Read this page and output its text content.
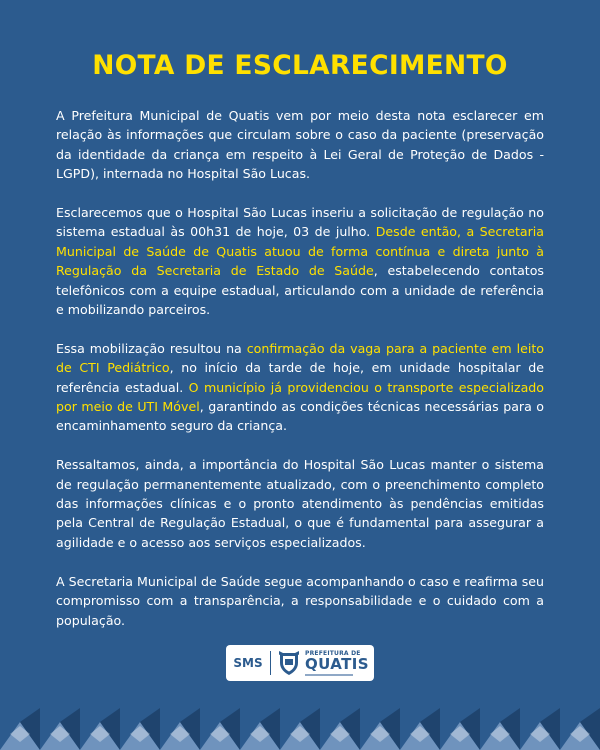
NOTA DE ESCLARECIMENTO

A Prefeitura Municipal de Quatis vem por meio desta nota esclarecer em relação às informações que circulam sobre o caso da paciente (preservação da identidade da criança em respeito à Lei Geral de Proteção de Dados - LGPD), internada no Hospital São Lucas.

Esclarecemos que o Hospital São Lucas inseriu a solicitação de regulação no sistema estadual às 00h31 de hoje, 03 de julho. Desde então, a Secretaria Municipal de Saúde de Quatis atuou de forma contínua e direta junto à Regulação da Secretaria de Estado de Saúde, estabelecendo contatos telefônicos com a equipe estadual, articulando com a unidade de referência e mobilizando parceiros.

Essa mobilização resultou na confirmação da vaga para a paciente em leito de CTI Pediátrico, no início da tarde de hoje, em unidade hospitalar de referência estadual. O município já providenciou o transporte especializado por meio de UTI Móvel, garantindo as condições técnicas necessárias para o encaminhamento seguro da criança.

Ressaltamos, ainda, a importância do Hospital São Lucas manter o sistema de regulação permanentemente atualizado, com o preenchimento completo das informações clínicas e o pronto atendimento às pendências emitidas pela Central de Regulação Estadual, o que é fundamental para assegurar a agilidade e o acesso aos serviços especializados.

A Secretaria Municipal de Saúde segue acompanhando o caso e reafirma seu compromisso com a transparência, a responsabilidade e o cuidado com a população.

SMS
PREFEITURA DE
QUATIS
